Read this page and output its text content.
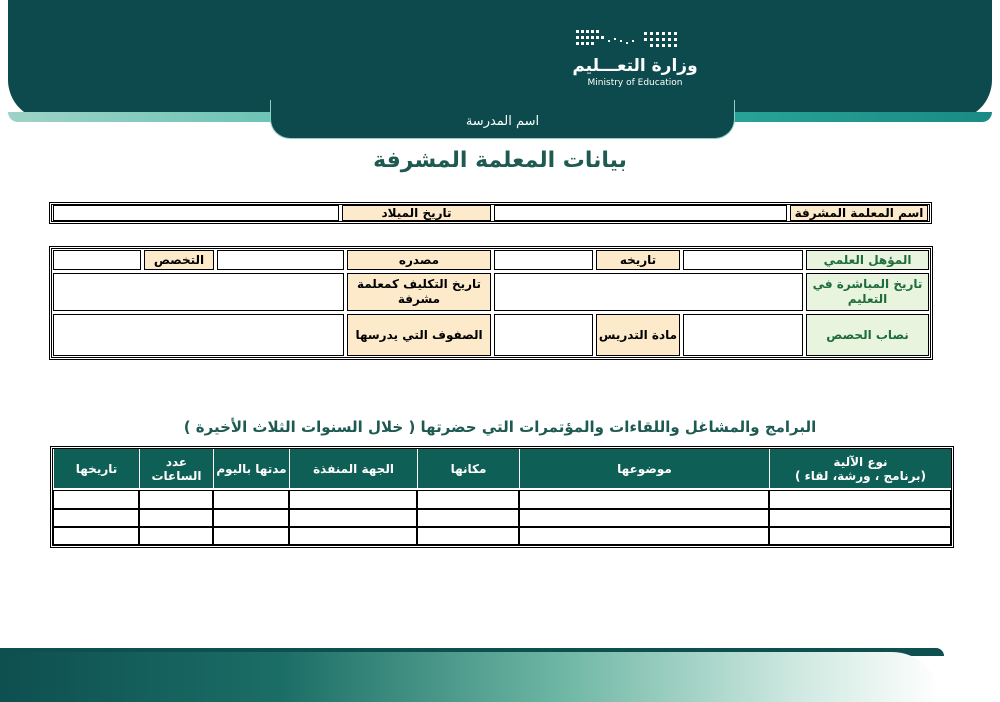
وزارة التعـــليم
Ministry of Education
اسم المدرسة
بيانات المعلمة المشرفة
اسم المعلمة المشرفة
تاريخ الميلاد
المؤهل العلمي
تاريخه
مصدره
التخصص
تاريخ المباشرة في التعليم
تاريخ التكليف كمعلمة مشرفة
نصاب الحصص
مادة التدريس
الصفوف التي يدرسها
البرامج والمشاغل واللقاءات والمؤتمرات التي حضرتها ( خلال السنوات الثلاث الأخيرة )
نوع الآلية
(برنامج ، ورشة، لقاء )
موضوعها
مكانها
الجهة المنفذة
مدتها باليوم
عدد الساعات
تاريخها
